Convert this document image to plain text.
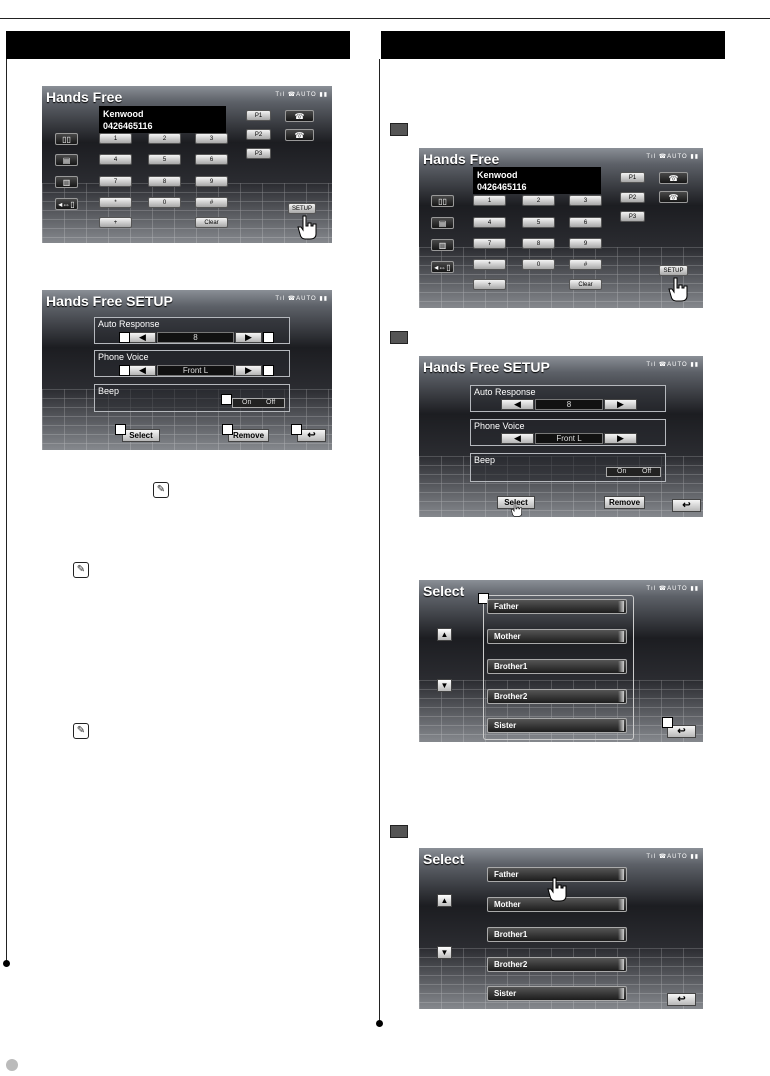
✎
✎
✎
Hands Free	Tıl ☎AUTO ▮▮
Kenwood
0426465116
▯▯
▤
▥
◂⇔▯
1	2	3
4	5	6
7	8	9
*	0	#
+	Clear
P1
P2
P3
☎
☎
SETUP
Hands Free SETUP	Tıl ☎AUTO ▮▮
Auto Response
◀	8	▶
Phone Voice
◀	Front L	▶
Beep
On Off
Select	Remove	↩
Hands Free	Tıl ☎AUTO ▮▮
Kenwood
0426465116
▯▯
▤
▥
◂⇔▯
1	2	3
4	5	6
7	8	9
*	0	#
+	Clear
P1
P2
P3
☎
☎
SETUP
Hands Free SETUP	Tıl ☎AUTO ▮▮
Auto Response
◀	8	▶
Phone Voice
◀	Front L	▶
Beep
On Off
Select	Remove	↩
Select	Tıl ☎AUTO ▮▮
Father
Mother
Brother1
Brother2
Sister
▲
▼
↩
Select	Tıl ☎AUTO ▮▮
Father
Mother
Brother1
Brother2
Sister
▲
▼
↩
